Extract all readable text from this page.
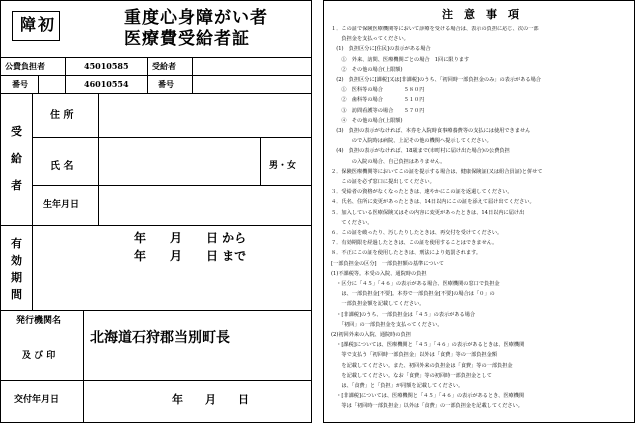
障初	重度心身障がい者
医療費受給者証
公費負担者	45010585
番号	46010554
受給者
番号
受
給
者
住 所
氏 名	男・女
生年月日
有
効
期
間
年　　月　　日 から
年　　月　　日 まで
発行機関名
及 び 印
北海道石狩郡当別町長
交付年月日	年　　月　　日
注　意　事　項
１．この証で保険医療機関等において診療を受ける場合は、表示の負担に応じ、次の一部
　　負担金を支払ってください。
　(1)　負担区分に[住民]の表示がある場合
　　①　外来、訪問、医療機関ごとの場合　1回に限ります
　　②　その他の場合(上限額)
　(2)　負担区分に[課税]又は[非課税]のうち、「初回時一部負担金のみ」の表示がある場合
　　①　医科等の場合　　　　５８０円
　　②　歯科等の場合　　　　５１０円
　　③　訪問看護等の場合　　５７０円
　　④　その他の場合(上限額)
　(3)　負担の表示がなければ、本券を入院時食事療養費等の支払には使用できません
　　　　ので入院時は病院、上記その他の機関へ提示してください。
　(4)　負担の表示がなければ、18歳まで(市町村に届け出た場合)の公費負担
　　　　の入院の場合、自己負担はありません。
２．保険医療機関等においてこの証を提示する場合は、健康保険証(又は組合員証)と併せて
　　この証を必ず窓口に提出してください。
３．受給者の資格がなくなったときは、速やかにこの証を返還してください。
４．氏名、住所に変更があったときは、14日以内にこの証を添えて届け出てください。
５．加入している医療保険又はその内容に変更があったときは、14日以内に届け出
　　てください。
６．この証を破ったり、汚したりしたときは、再交付を受けてください。
７．有効期限を経過したときは、この証を使用することはできません。
８．不正にこの証を使用したときは、刑法により処罰されます。
[一部負担金の区分]　一部負担額の基準について
(1)不課税等。本受の入院、通院時の負担
　・区分に「４５」「４６」の表示がある場合、医療機関の窓口で負担金
　　は、一部負担金[不要]。本券で一部負担金[不要]の場合は「０」の
　　一部負担金額を記載してください。
　・[非課税]のうち、一部負担金は「４５」の表示がある場合
　　「初回」の一部負担金を支払ってください。
(2)初回外来の入院、通院時の負担
　・[課税]については、医療機関と「４５」「４６」の表示があるときは、医療機関
　　等で支払う「初回時一部負担金」以外は「食費」等の一部負担金額
　　を記載してください。また、初回外来の負担金は「食費」等の一部負担金
　　を記載してください。なお「食費」等の初回時一部負担金として
　　は、「食費」と「負担」が同額を記載してください。
　・[非課税]については、医療機関と「４５」「４６」の表示があるとき、医療機関
　　等は「初回時一部負担金」以外は「食費」の一部負担金を記載してください。
